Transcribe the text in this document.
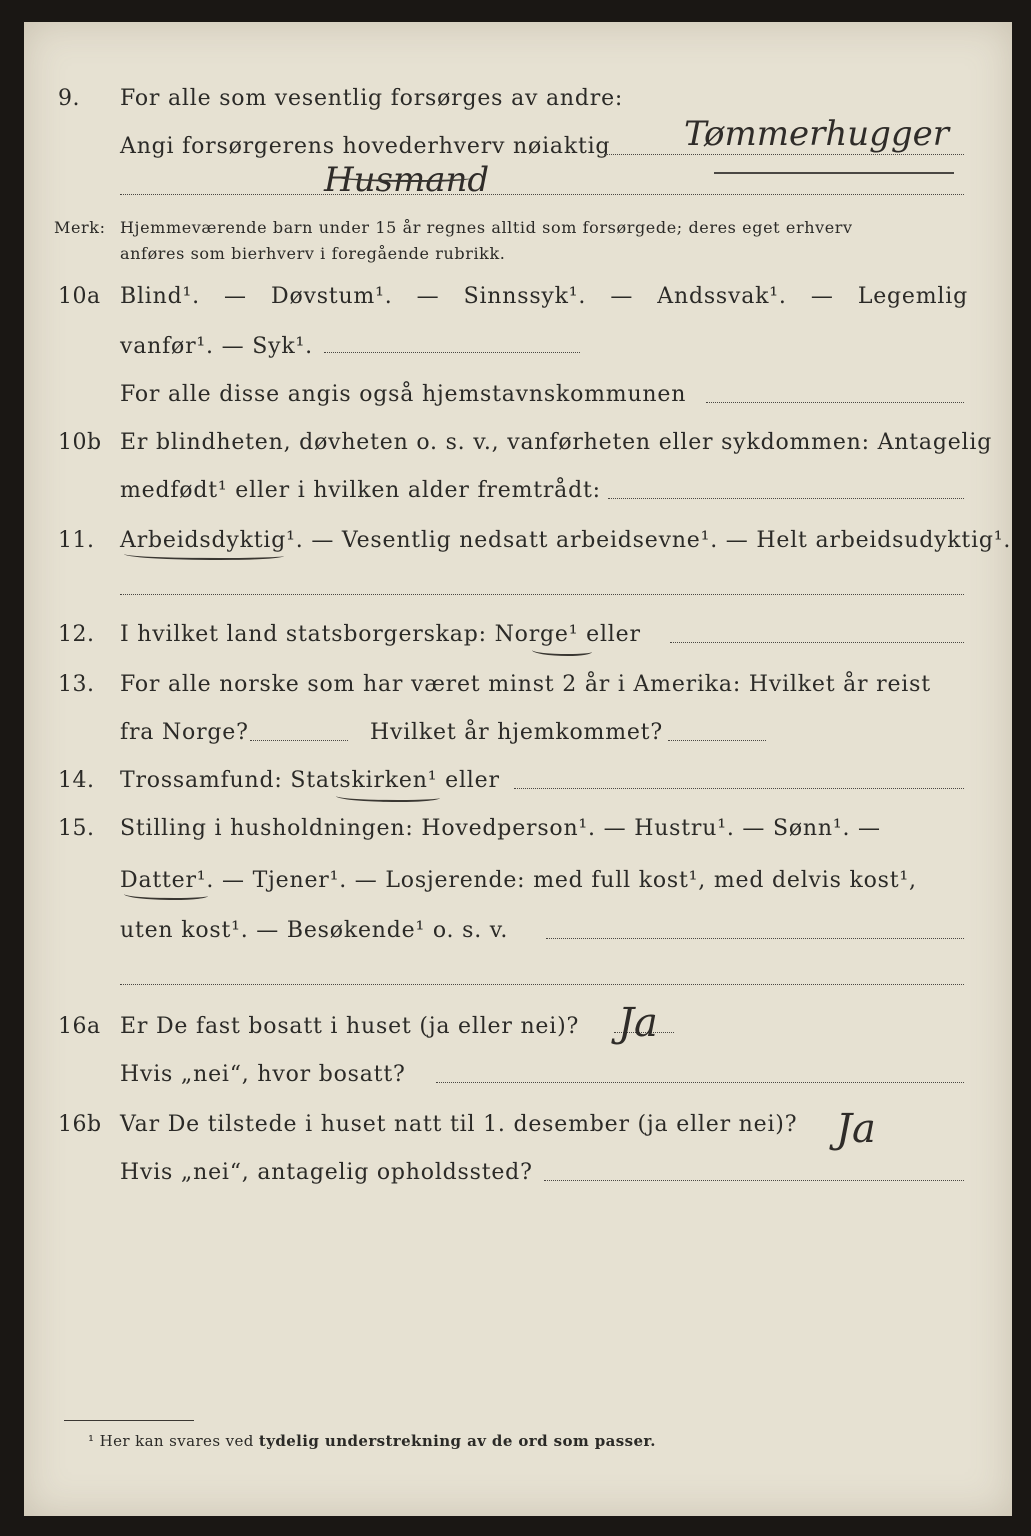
9. For alle som vesentlig forsørges av andre:
Angi forsørgerens hovederhverv nøiaktig Tømmerhugger
Husmand
Merk: Hjemmeværende barn under 15 år regnes alltid som forsørgede; deres eget erhverv
anføres som bierhverv i foregående rubrikk.
10a Blind¹. — Døvstum¹. — Sinnssyk¹. — Andssvak¹. — Legemlig
vanfør¹. — Syk¹.
For alle disse angis også hjemstavnskommunen
10b Er blindheten, døvheten o. s. v., vanførheten eller sykdommen: Antagelig
medfødt¹ eller i hvilken alder fremtrådt:
11. Arbeidsdyktig¹. — Vesentlig nedsatt arbeidsevne¹. — Helt arbeidsudyktig¹.
12. I hvilket land statsborgerskap: Norge¹ eller
13. For alle norske som har været minst 2 år i Amerika: Hvilket år reist
fra Norge?	Hvilket år hjemkommet?
14. Trossamfund: Statskirken¹ eller
15. Stilling i husholdningen: Hovedperson¹. — Hustru¹. — Sønn¹. —
Datter¹. — Tjener¹. — Losjerende: med full kost¹, med delvis kost¹,
uten kost¹. — Besøkende¹ o. s. v.
16a Er De fast bosatt i huset (ja eller nei)? Ja
Hvis „nei“, hvor bosatt?
16b Var De tilstede i huset natt til 1. desember (ja eller nei)? Ja
Hvis „nei“, antagelig opholdssted?
¹ Her kan svares ved tydelig understrekning av de ord som passer.
